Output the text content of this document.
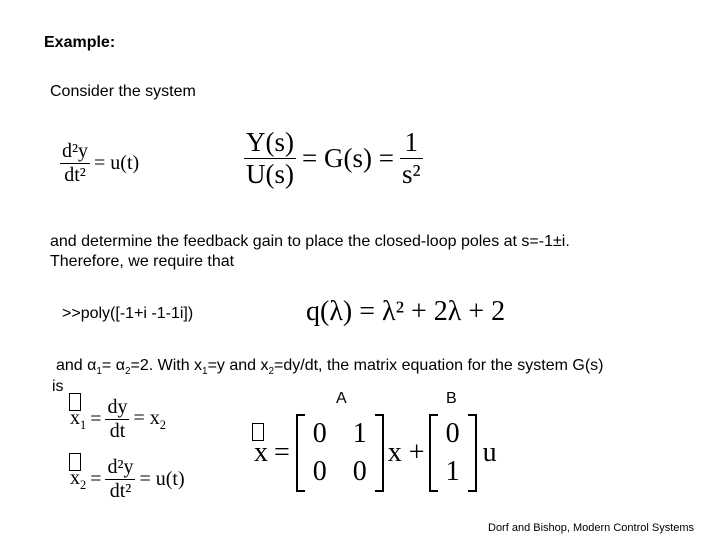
Example:
Consider the system
$\frac{\text{d²y}}{\text{dt²}} = u(t)$	$\frac{Y(s)}{U(s)} = G(s) = \frac{1}{\text{s²}}$
and determine the feedback gain to place the closed-loop poles at s=-1±i.
Therefore, we require that
>>poly([-1+i -1-1i])	q(λ) = λ² + 2λ + 2
and $\alpha_1= \alpha_2=2$. With $x_1=y$ and $x_2=dy/dt$, the matrix equation for the system G(s)
is
A	B
$x_1 = \frac{dy}{dt} = x_2$
$x_2 = \frac{\text{d²y}}{\text{dt²}} = u(t)$
x =
0 1
0 0
x +
0
1
u
Dorf and Bishop, Modern Control Systems
